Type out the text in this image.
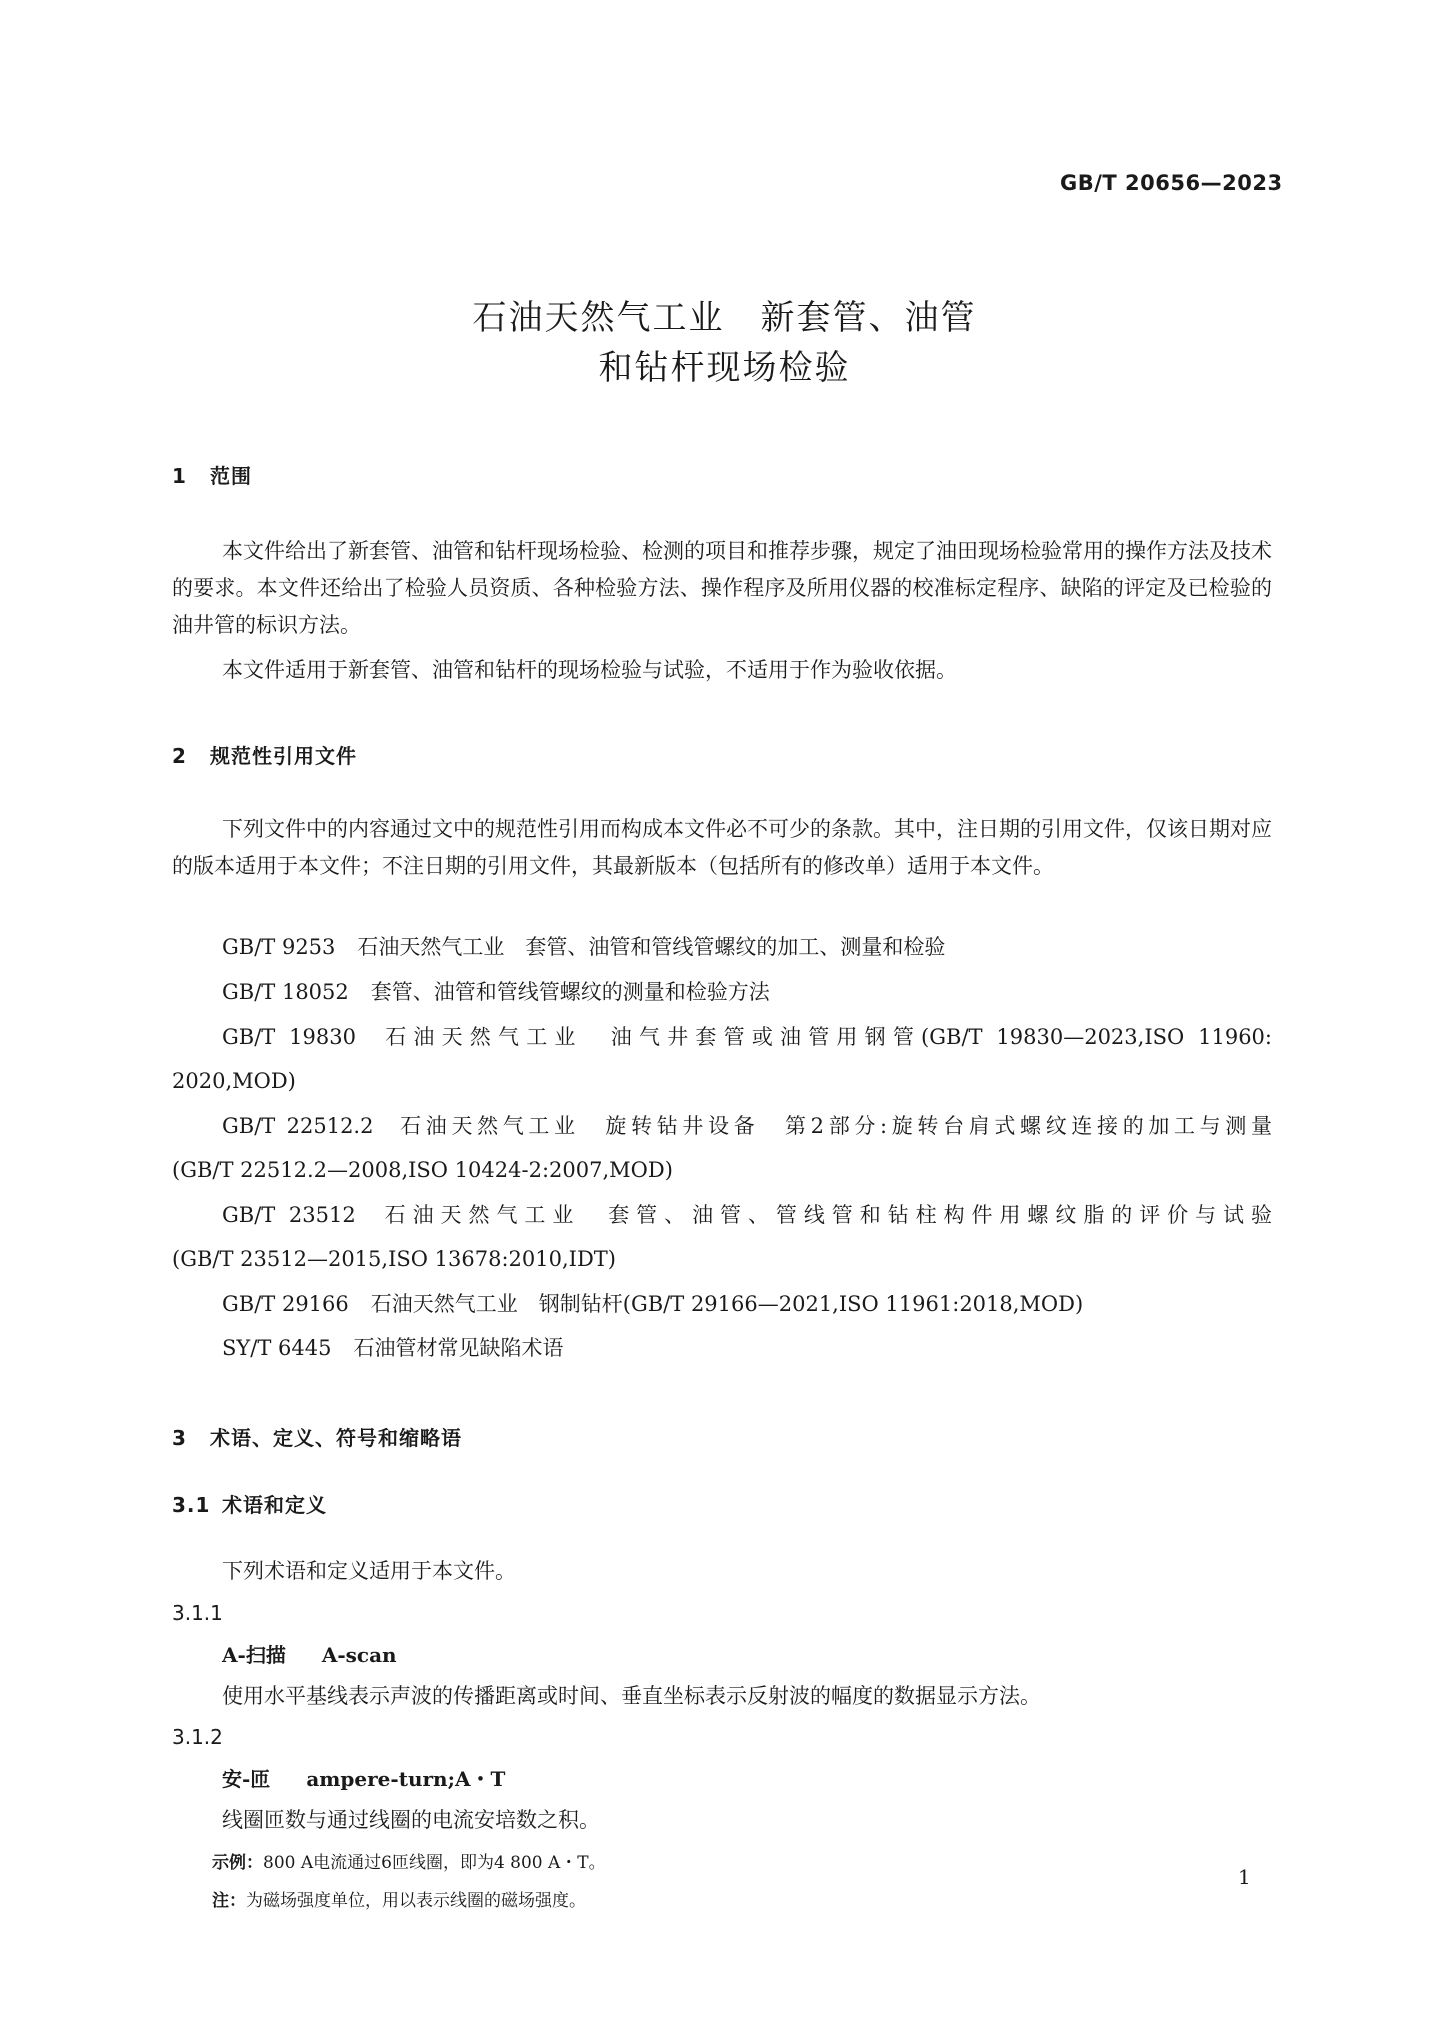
GB/T 20656—2023
石油天然气工业　新套管、油管
和钻杆现场检验
1 范围
本文件给出了新套管、油管和钻杆现场检验、检测的项目和推荐步骤，规定了油田现场检验常用的操作方法及技术的要求。本文件还给出了检验人员资质、各种检验方法、操作程序及所用仪器的校准标定程序、缺陷的评定及已检验的油井管的标识方法。
本文件适用于新套管、油管和钻杆的现场检验与试验，不适用于作为验收依据。
2 规范性引用文件
下列文件中的内容通过文中的规范性引用而构成本文件必不可少的条款。其中，注日期的引用文件，仅该日期对应的版本适用于本文件；不注日期的引用文件，其最新版本（包括所有的修改单）适用于本文件。
GB/T 9253 石油天然气工业　套管、油管和管线管螺纹的加工、测量和检验
GB/T 18052 套管、油管和管线管螺纹的测量和检验方法
GB/T 19830 石油天然气工业　油气井套管或油管用钢管(GB/T 19830—2023,ISO 11960:
2020,MOD)
GB/T 22512.2 石油天然气工业　旋转钻井设备　第2部分:旋转台肩式螺纹连接的加工与测量
(GB/T 22512.2—2008,ISO 10424-2:2007,MOD)
GB/T 23512 石油天然气工业　套管、油管、管线管和钻柱构件用螺纹脂的评价与试验
(GB/T 23512—2015,ISO 13678:2010,IDT)
GB/T 29166 石油天然气工业　钢制钻杆(GB/T 29166—2021,ISO 11961:2018,MOD)
SY/T 6445 石油管材常见缺陷术语
3 术语、定义、符号和缩略语
3.1 术语和定义
下列术语和定义适用于本文件。
3.1.1
A-扫描 A-scan
使用水平基线表示声波的传播距离或时间、垂直坐标表示反射波的幅度的数据显示方法。
3.1.2
安-匝 ampere-turn;A・T
线圈匝数与通过线圈的电流安培数之积。
示例：800 A电流通过6匝线圈，即为4 800 A・T。
注：为磁场强度单位，用以表示线圈的磁场强度。
1
